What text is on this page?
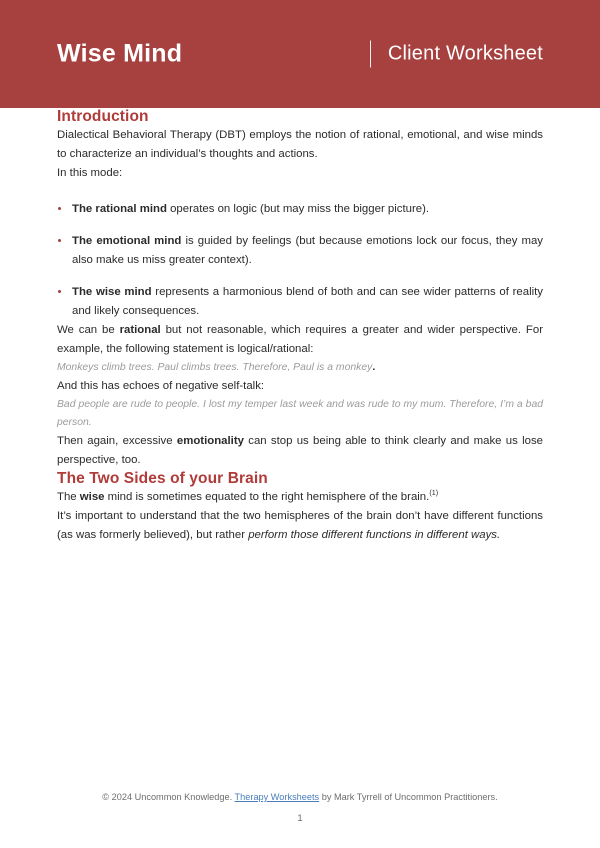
Wise Mind	Client Worksheet
Introduction

Dialectical Behavioral Therapy (DBT) employs the notion of rational, emotional, and wise minds to characterize an individual’s thoughts and actions.

In this mode:

The rational mind operates on logic (but may miss the bigger picture).
The emotional mind is guided by feelings (but because emotions lock our focus, they may also make us miss greater context).
The wise mind represents a harmonious blend of both and can see wider patterns of reality and likely consequences.

We can be rational but not reasonable, which requires a greater and wider perspective. For example, the following statement is logical/rational:

Monkeys climb trees. Paul climbs trees. Therefore, Paul is a monkey.

And this has echoes of negative self-talk:

Bad people are rude to people. I lost my temper last week and was rude to my mum. Therefore, I’m a bad person.

Then again, excessive emotionality can stop us being able to think clearly and make us lose perspective, too.

The Two Sides of your Brain

The wise mind is sometimes equated to the right hemisphere of the brain.$^{(1)}$

It’s important to understand that the two hemispheres of the brain don’t have different functions (as was formerly believed), but rather perform those different functions in different ways.

© 2024 Uncommon Knowledge. Therapy Worksheets by Mark Tyrrell of Uncommon Practitioners.
1
